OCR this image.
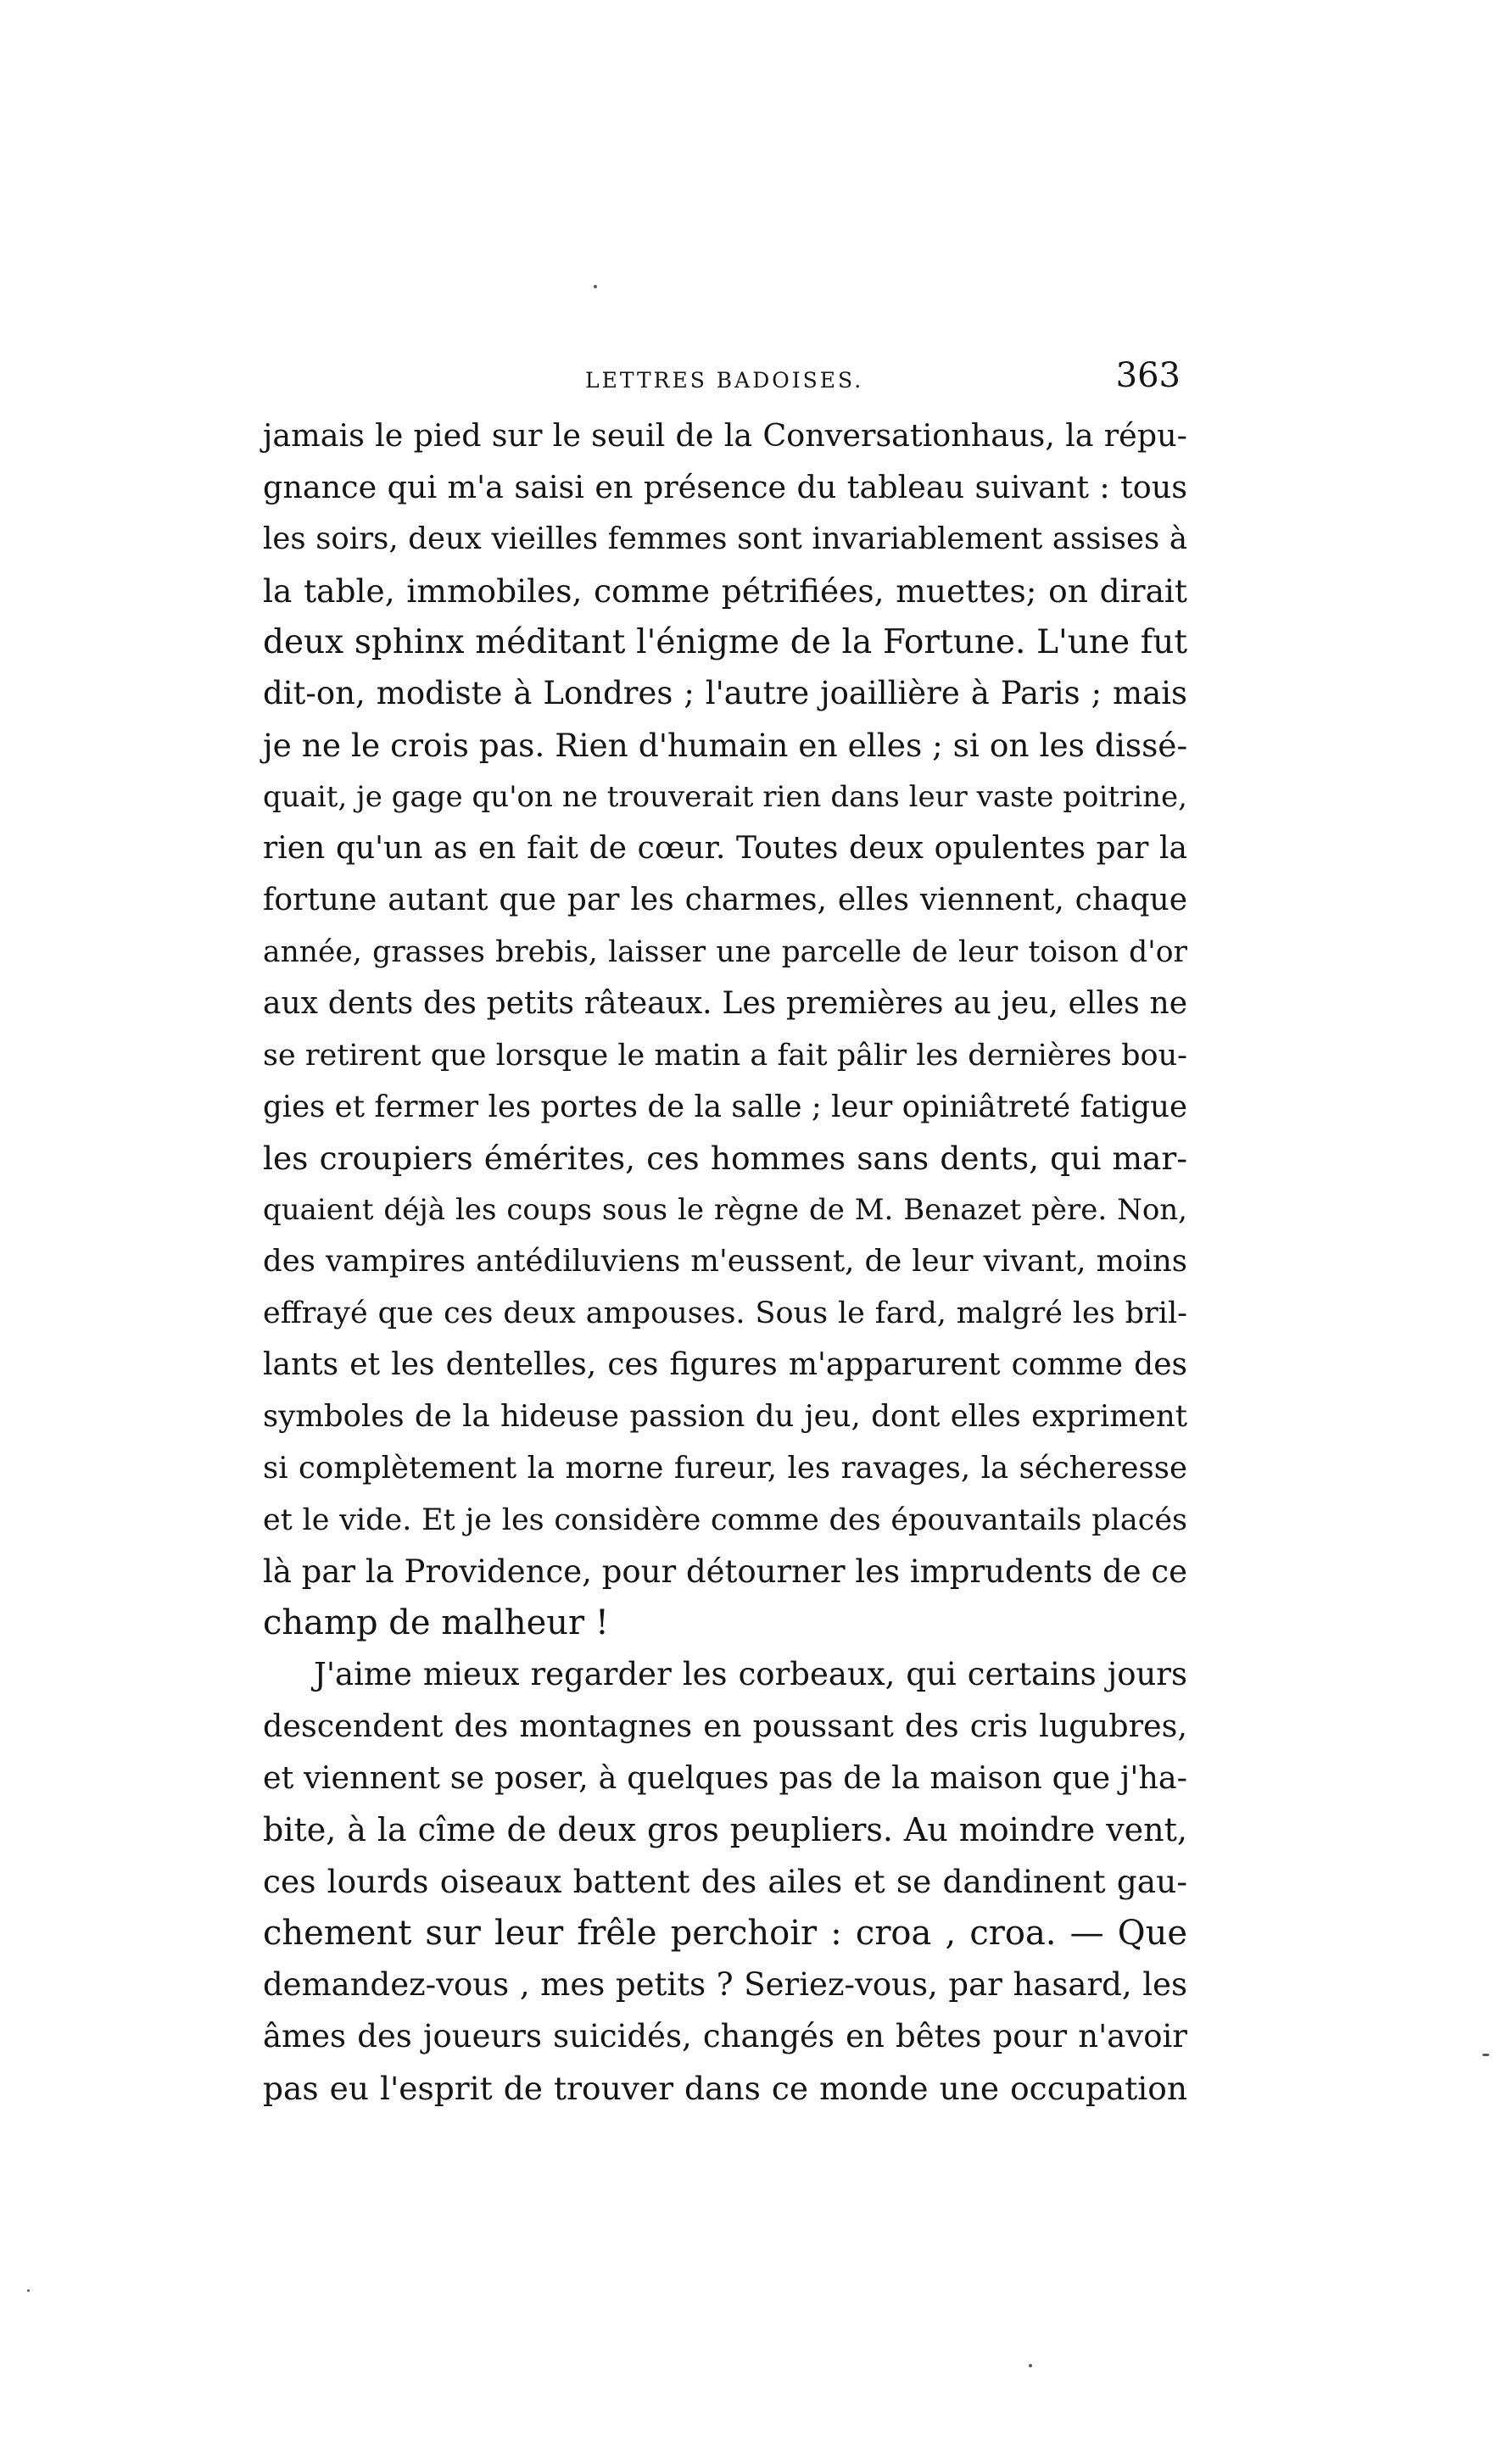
LETTRES BADOISES.	363
jamais le pied sur le seuil de la Conversationhaus, la répu-
gnance qui m'a saisi en présence du tableau suivant : tous
les soirs, deux vieilles femmes sont invariablement assises à
la table, immobiles, comme pétrifiées, muettes; on dirait
deux sphinx méditant l'énigme de la Fortune. L'une fut
dit-on, modiste à Londres ; l'autre joaillière à Paris ; mais
je ne le crois pas. Rien d'humain en elles ; si on les dissé-
quait, je gage qu'on ne trouverait rien dans leur vaste poitrine,
rien qu'un as en fait de cœur. Toutes deux opulentes par la
fortune autant que par les charmes, elles viennent, chaque
année, grasses brebis, laisser une parcelle de leur toison d'or
aux dents des petits râteaux. Les premières au jeu, elles ne
se retirent que lorsque le matin a fait pâlir les dernières bou-
gies et fermer les portes de la salle ; leur opiniâtreté fatigue
les croupiers émérites, ces hommes sans dents, qui mar-
quaient déjà les coups sous le règne de M. Benazet père. Non,
des vampires antédiluviens m'eussent, de leur vivant, moins
effrayé que ces deux ampouses. Sous le fard, malgré les bril-
lants et les dentelles, ces figures m'apparurent comme des
symboles de la hideuse passion du jeu, dont elles expriment
si complètement la morne fureur, les ravages, la sécheresse
et le vide. Et je les considère comme des épouvantails placés
là par la Providence, pour détourner les imprudents de ce
champ de malheur !
J'aime mieux regarder les corbeaux, qui certains jours
descendent des montagnes en poussant des cris lugubres,
et viennent se poser, à quelques pas de la maison que j'ha-
bite, à la cîme de deux gros peupliers. Au moindre vent,
ces lourds oiseaux battent des ailes et se dandinent gau-
chement sur leur frêle perchoir : croa , croa. — Que
demandez-vous , mes petits ? Seriez-vous, par hasard, les
âmes des joueurs suicidés, changés en bêtes pour n'avoir
pas eu l'esprit de trouver dans ce monde une occupation
